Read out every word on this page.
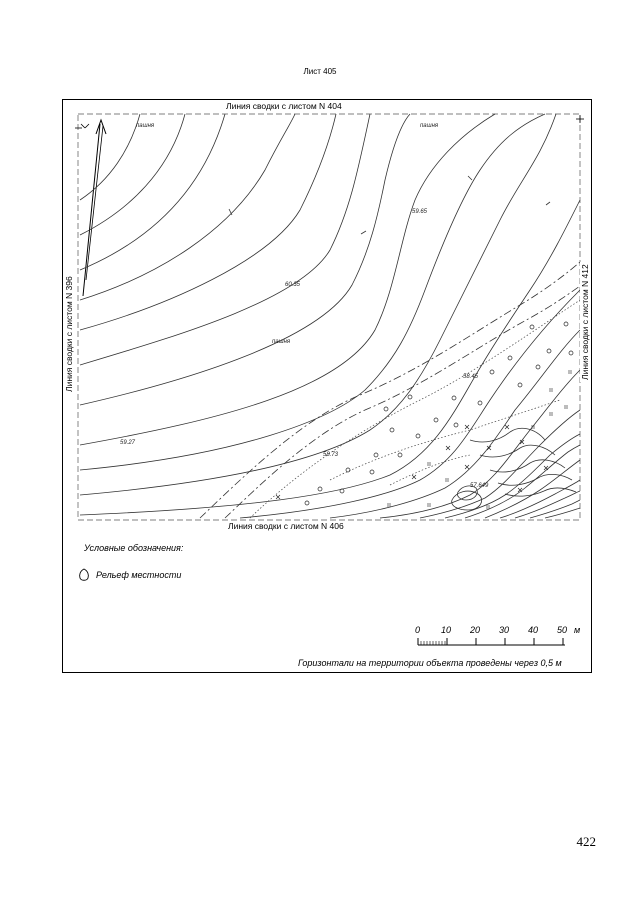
Лист 405
Линия сводки с листом N 404
Линия сводки с листом N 406
Линия сводки с листом N 396	Линия сводки с листом N 412
пашня	пашня
пашня
59.65
60.35
58.45
59.27
58.73
57.649
Условные обозначения:
Рельеф местности
0 10 20 30 40 50 м
Горизонтали на территории объекта проведены через 0,5 м
422
